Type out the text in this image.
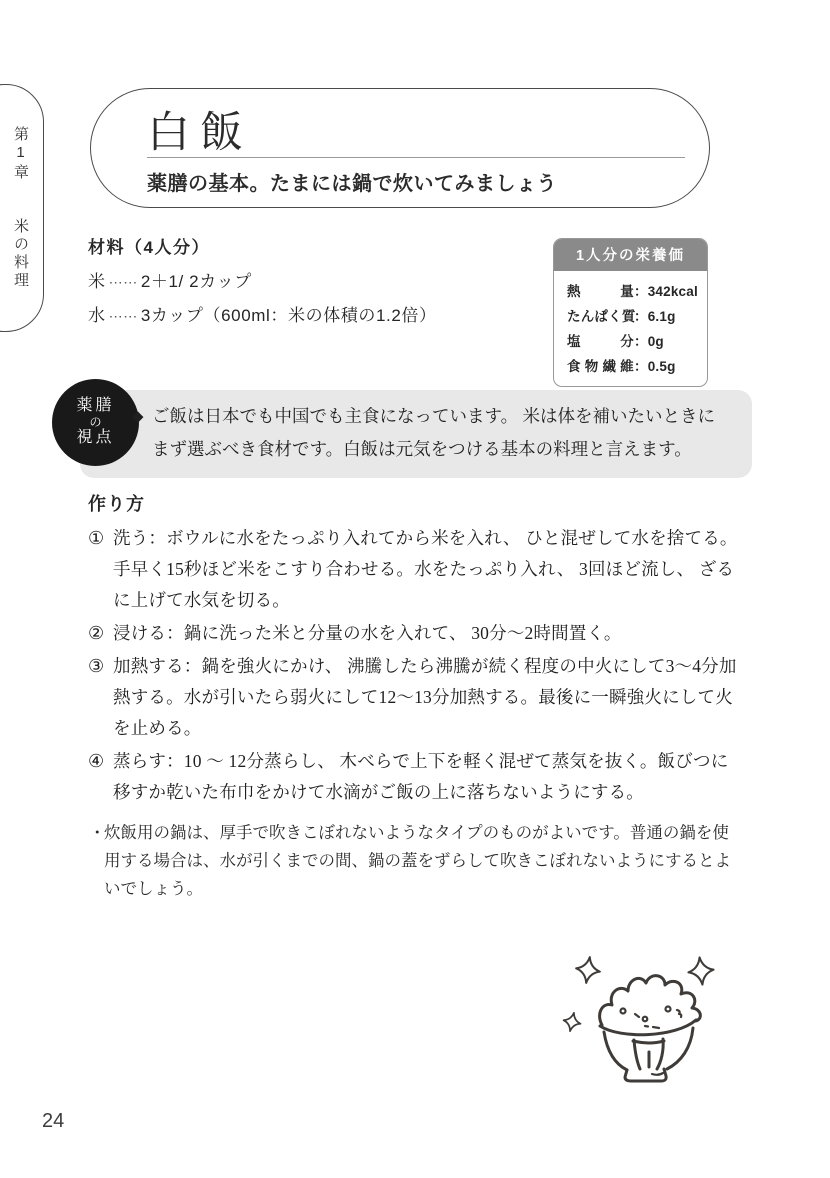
第1章 米の料理
白飯
薬膳の基本。たまには鍋で炊いてみましょう
材料（4人分）
米 ⋯⋯ 2＋1/ 2カップ
水 ⋯⋯ 3カップ（600ml：米の体積の1.2倍）
1人分の栄養価
熱	量 ： 342kcal
た ん ぱ く 質
： 6.1g
塩	分 ： 0g
食 物 繊 維 ： 0.5g
薬膳
の
視点
◆ ご飯は日本でも中国でも主食になっています。 米は体を補いたいときにまず選ぶべき食材です。白飯は元気をつける基本の料理と言えます。
作り方
① 洗う：ボウルに水をたっぷり入れてから米を入れ、 ひと混ぜして水を捨てる。手早く15秒ほど米をこすり合わせる。水をたっぷり入れ、 3回ほど流し、 ざるに上げて水気を切る。
② 浸ける：鍋に洗った米と分量の水を入れて、 30分〜2時間置く。
③ 加熱する：鍋を強火にかけ、 沸騰したら沸騰が続く程度の中火にして3〜4分加熱する。水が引いたら弱火にして12〜13分加熱する。最後に一瞬強火にして火を止める。
④ 蒸らす：10 〜 12分蒸らし、 木べらで上下を軽く混ぜて蒸気を抜く。飯びつに移すか乾いた布巾をかけて水滴がご飯の上に落ちないようにする。
・
炊飯用の鍋は、厚手で吹きこぼれないようなタイプのものがよいです。普通の鍋を使用する場合は、水が引くまでの間、鍋の蓋をずらして吹きこぼれないようにするとよいでしょう。
24
